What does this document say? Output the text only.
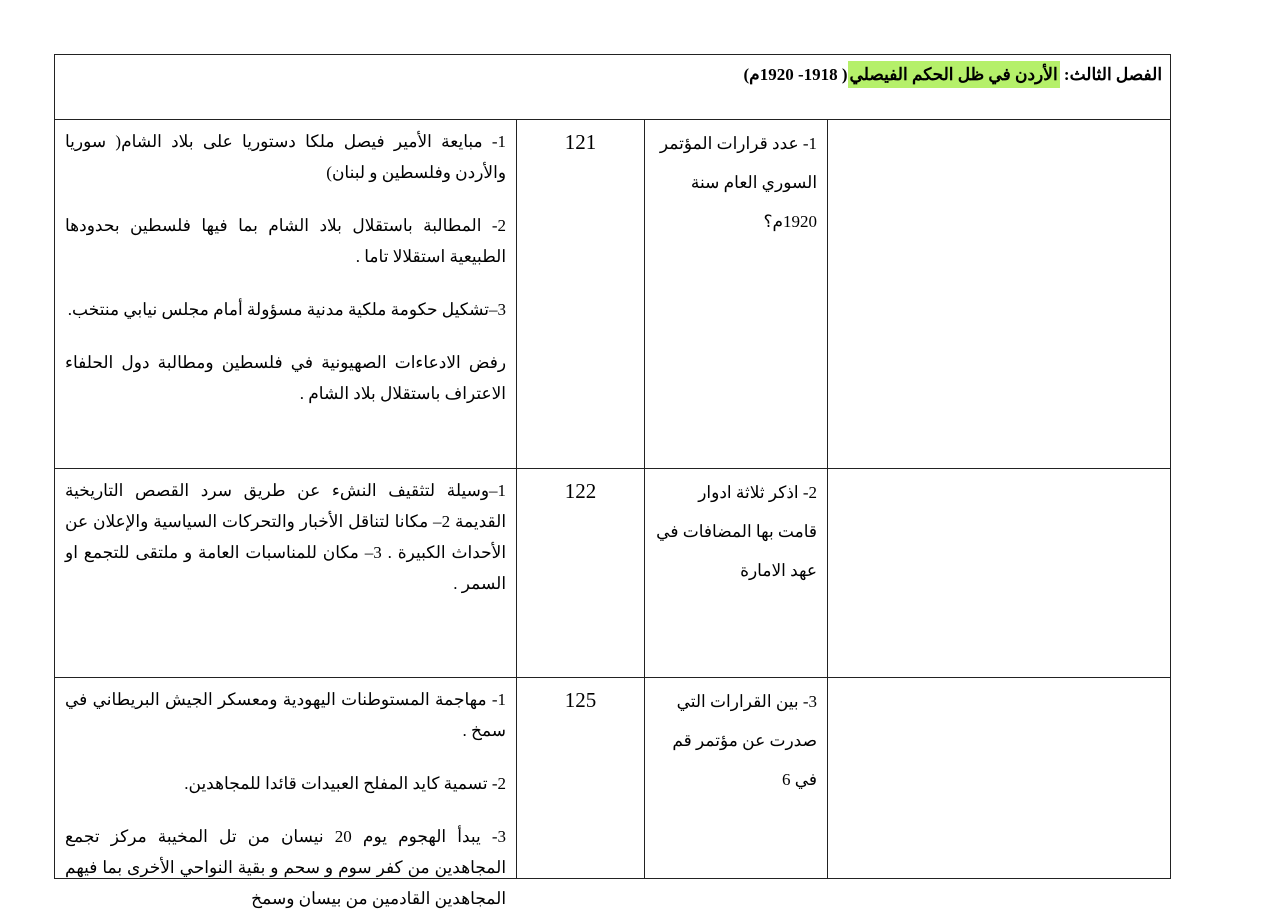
الفصل الثالث: الأردن في ظل الحكم الفيصلي( 1918- 1920م)			
	1- عدد قرارات المؤتمر السوري العام سنة 1920م؟	121	1- مبايعة الأمير فيصل ملكا دستوريا على بلاد الشام( سوريا والأردن وفلسطين و لبنان)

2- المطالبة باستقلال بلاد الشام بما فيها فلسطين بحدودها الطبيعية استقلالا تاما .

3–تشكيل حكومة ملكية مدنية مسؤولة أمام مجلس نيابي منتخب.

رفض الادعاءات الصهيونية في فلسطين ومطالبة دول الحلفاء الاعتراف باستقلال بلاد الشام .

	2- اذكر ثلاثة ادوار قامت بها المضافات في عهد الامارة	122	1–وسيلة لتثقيف النشء عن طريق سرد القصص التاريخية القديمة 2– مكانا لتناقل الأخبار والتحركات السياسية والإعلان عن الأحداث الكبيرة . 3– مكان للمناسبات العامة و ملتقى للتجمع او السمر .

	3- بين القرارات التي صدرت عن مؤتمر قم في 6	125	1- مهاجمة المستوطنات اليهودية ومعسكر الجيش البريطاني في سمخ .

2- تسمية كايد المفلح العبيدات قائدا للمجاهدين.

3- يبدأ الهجوم يوم 20 نيسان من تل المخيبة مركز تجمع المجاهدين من كفر سوم و سحم و بقية النواحي الأخرى بما فيهم المجاهدين القادمين من بيسان وسمخ
